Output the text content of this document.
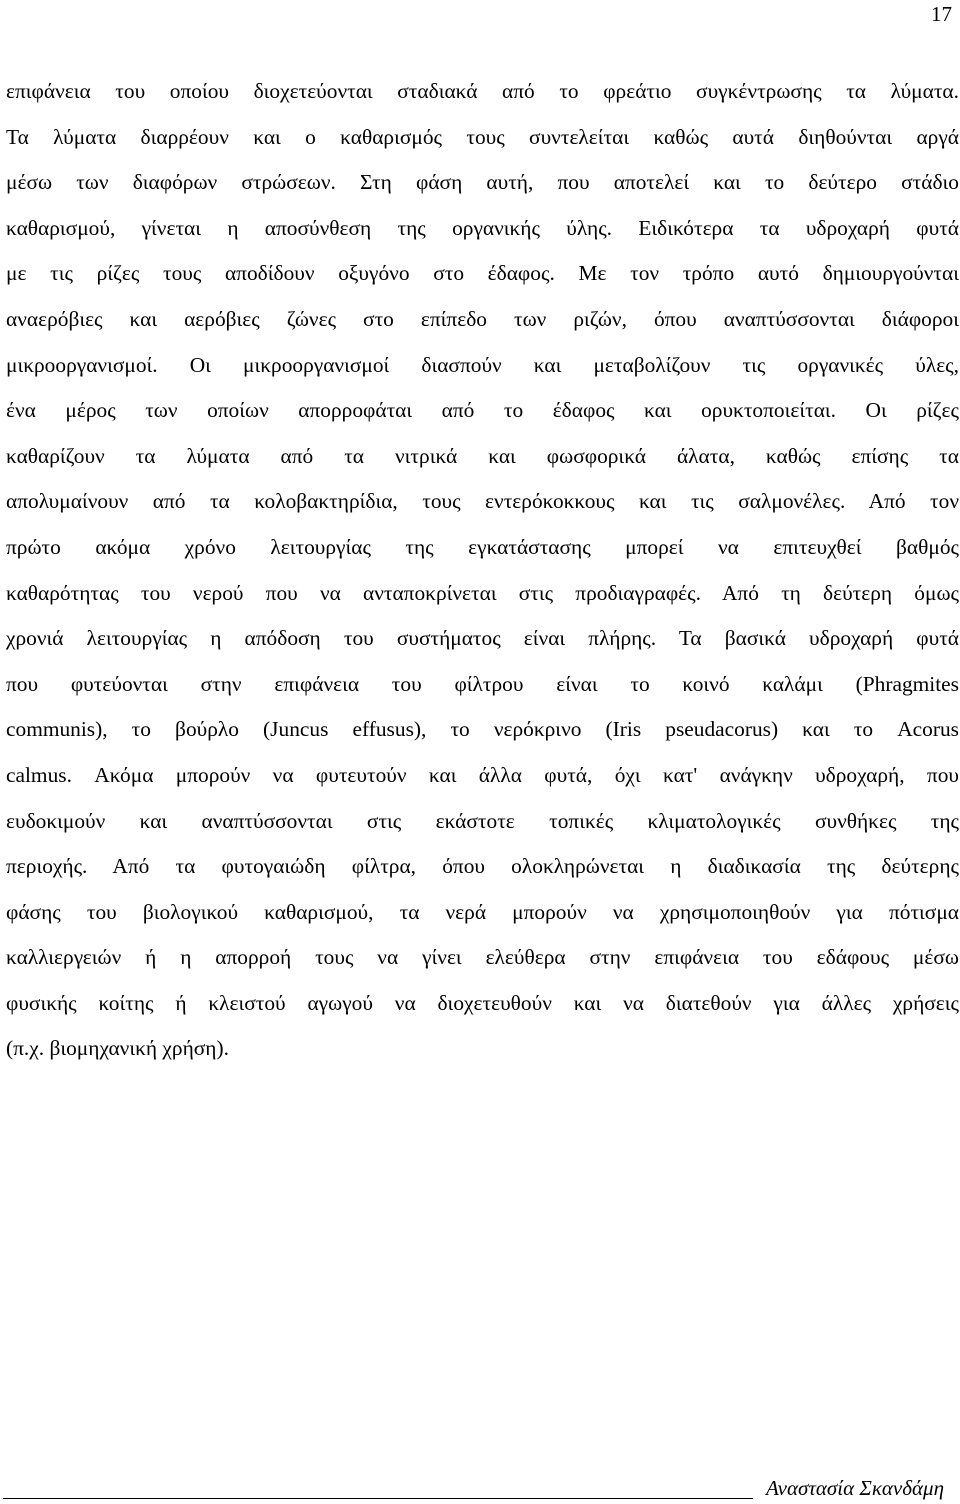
17
επιφάνεια του οποίου διοχετεύονται σταδιακά από το φρεάτιο συγκέντρωσης τα λύματα.
Τα λύματα διαρρέουν και ο καθαρισμός τους συντελείται καθώς αυτά διηθούνται αργά
μέσω των διαφόρων στρώσεων. Στη φάση αυτή, που αποτελεί και το δεύτερο στάδιο
καθαρισμού, γίνεται η αποσύνθεση της οργανικής ύλης. Ειδικότερα τα υδροχαρή φυτά
με τις ρίζες τους αποδίδουν οξυγόνο στο έδαφος. Με τον τρόπο αυτό δημιουργούνται
αναερόβιες και αερόβιες ζώνες στο επίπεδο των ριζών, όπου αναπτύσσονται διάφοροι
μικροοργανισμοί. Οι μικροοργανισμοί διασπούν και μεταβολίζουν τις οργανικές ύλες,
ένα μέρος των οποίων απορροφάται από το έδαφος και ορυκτοποιείται. Οι ρίζες
καθαρίζουν τα λύματα από τα νιτρικά και φωσφορικά άλατα, καθώς επίσης τα
απολυμαίνουν από τα κολοβακτηρίδια, τους εντερόκοκκους και τις σαλμονέλες. Από τον
πρώτο ακόμα χρόνο λειτουργίας της εγκατάστασης μπορεί να επιτευχθεί βαθμός
καθαρότητας του νερού που να ανταποκρίνεται στις προδιαγραφές. Από τη δεύτερη όμως
χρονιά λειτουργίας η απόδοση του συστήματος είναι πλήρης. Τα βασικά υδροχαρή φυτά
που φυτεύονται στην επιφάνεια του φίλτρου είναι το κοινό καλάμι (Phragmites
communis), το βούρλο (Juncus effusus), το νερόκρινο (Iris pseudacorus) και το Acorus
calmus. Ακόμα μπορούν να φυτευτούν και άλλα φυτά, όχι κατ' ανάγκην υδροχαρή, που
ευδοκιμούν και αναπτύσσονται στις εκάστοτε τοπικές κλιματολογικές συνθήκες της
περιοχής. Από τα φυτογαιώδη φίλτρα, όπου ολοκληρώνεται η διαδικασία της δεύτερης
φάσης του βιολογικού καθαρισμού, τα νερά μπορούν να χρησιμοποιηθούν για πότισμα
καλλιεργειών ή η απορροή τους να γίνει ελεύθερα στην επιφάνεια του εδάφους μέσω
φυσικής κοίτης ή κλειστού αγωγού να διοχετευθούν και να διατεθούν για άλλες χρήσεις
(π.χ. βιομηχανική χρήση).
Αναστασία Σκανδάμη
